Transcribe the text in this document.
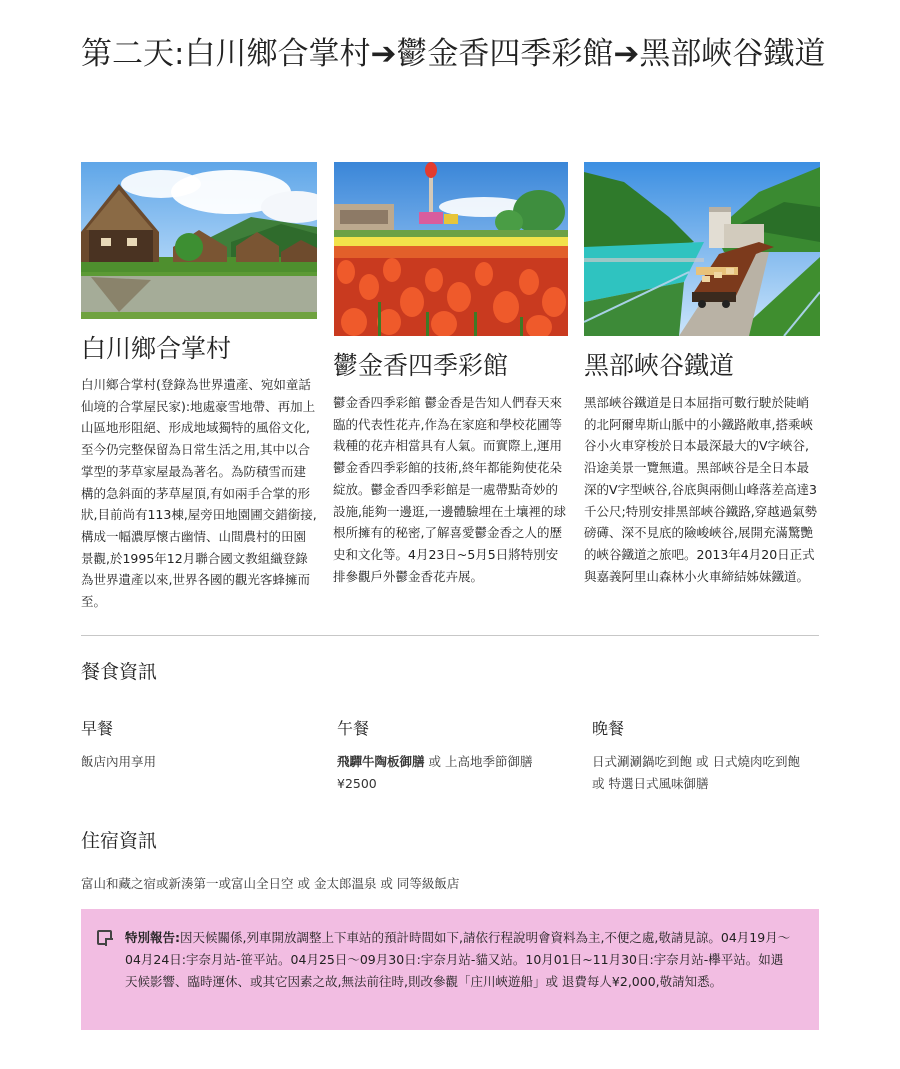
第二天:白川鄉合掌村➔鬱金香四季彩館➔黑部峽谷鐵道
白川鄉合掌村

白川鄉合掌村(登錄為世界遺產、宛如童話仙境的合掌屋民家):地處豪雪地帶、再加上山區地形阻絕、形成地域獨特的風俗文化,至今仍完整保留為日常生活之用,其中以合掌型的茅草家屋最為著名。為防積雪而建構的急斜面的茅草屋頂,有如兩手合掌的形狀,目前尚有113棟,屋旁田地園圃交錯銜接,構成一幅濃厚懷古幽情、山間農村的田園景觀,於1995年12月聯合國文教組織登錄為世界遺產以來,世界各國的觀光客蜂擁而至。

鬱金香四季彩館

鬱金香四季彩館 鬱金香是告知人們春天來臨的代表性花卉,作為在家庭和學校花圃等栽種的花卉相當具有人氣。而實際上,運用鬱金香四季彩館的技術,終年都能夠使花朵綻放。鬱金香四季彩館是一處帶點奇妙的設施,能夠一邊逛,一邊體驗埋在土壤裡的球根所擁有的秘密,了解喜愛鬱金香之人的歷史和文化等。4月23日~5月5日將特別安排參觀戶外鬱金香花卉展。

黑部峽谷鐵道

黑部峽谷鐵道是日本屈指可數行駛於陡峭的北阿爾卑斯山脈中的小鐵路敞車,搭乘峽谷小火車穿梭於日本最深最大的V字峽谷,沿途美景一覽無遺。黑部峽谷是全日本最深的V字型峽谷,谷底與兩側山峰落差高達3千公尺;特別安排黑部峽谷鐵路,穿越過氣勢磅礡、深不見底的險峻峽谷,展開充滿驚艷的峽谷鐵道之旅吧。2013年4月20日正式與嘉義阿里山森林小火車締結姊妹鐵道。

餐食資訊
早餐
飯店內用享用
午餐
飛驒牛陶板御膳 或 上高地季節御膳
¥2500
晚餐
日式涮涮鍋吃到飽 或 日式燒肉吃到飽
或 特選日式風味御膳
住宿資訊
富山和藏之宿或新湊第一或富山全日空 或 金太郎溫泉 或 同等級飯店
特別報告:因天候關係,列車開放調整上下車站的預計時間如下,請依行程說明會資料為主,不便之處,敬請見諒。04月19月～04月24日:宇奈月站-笹平站。04月25日～09月30日:宇奈月站-貓又站。10月01日~11月30日:宇奈月站-欅平站。如遇天候影響、臨時運休、或其它因素之故,無法前往時,則改參觀「庄川峽遊船」或 退費每人¥2,000,敬請知悉。
